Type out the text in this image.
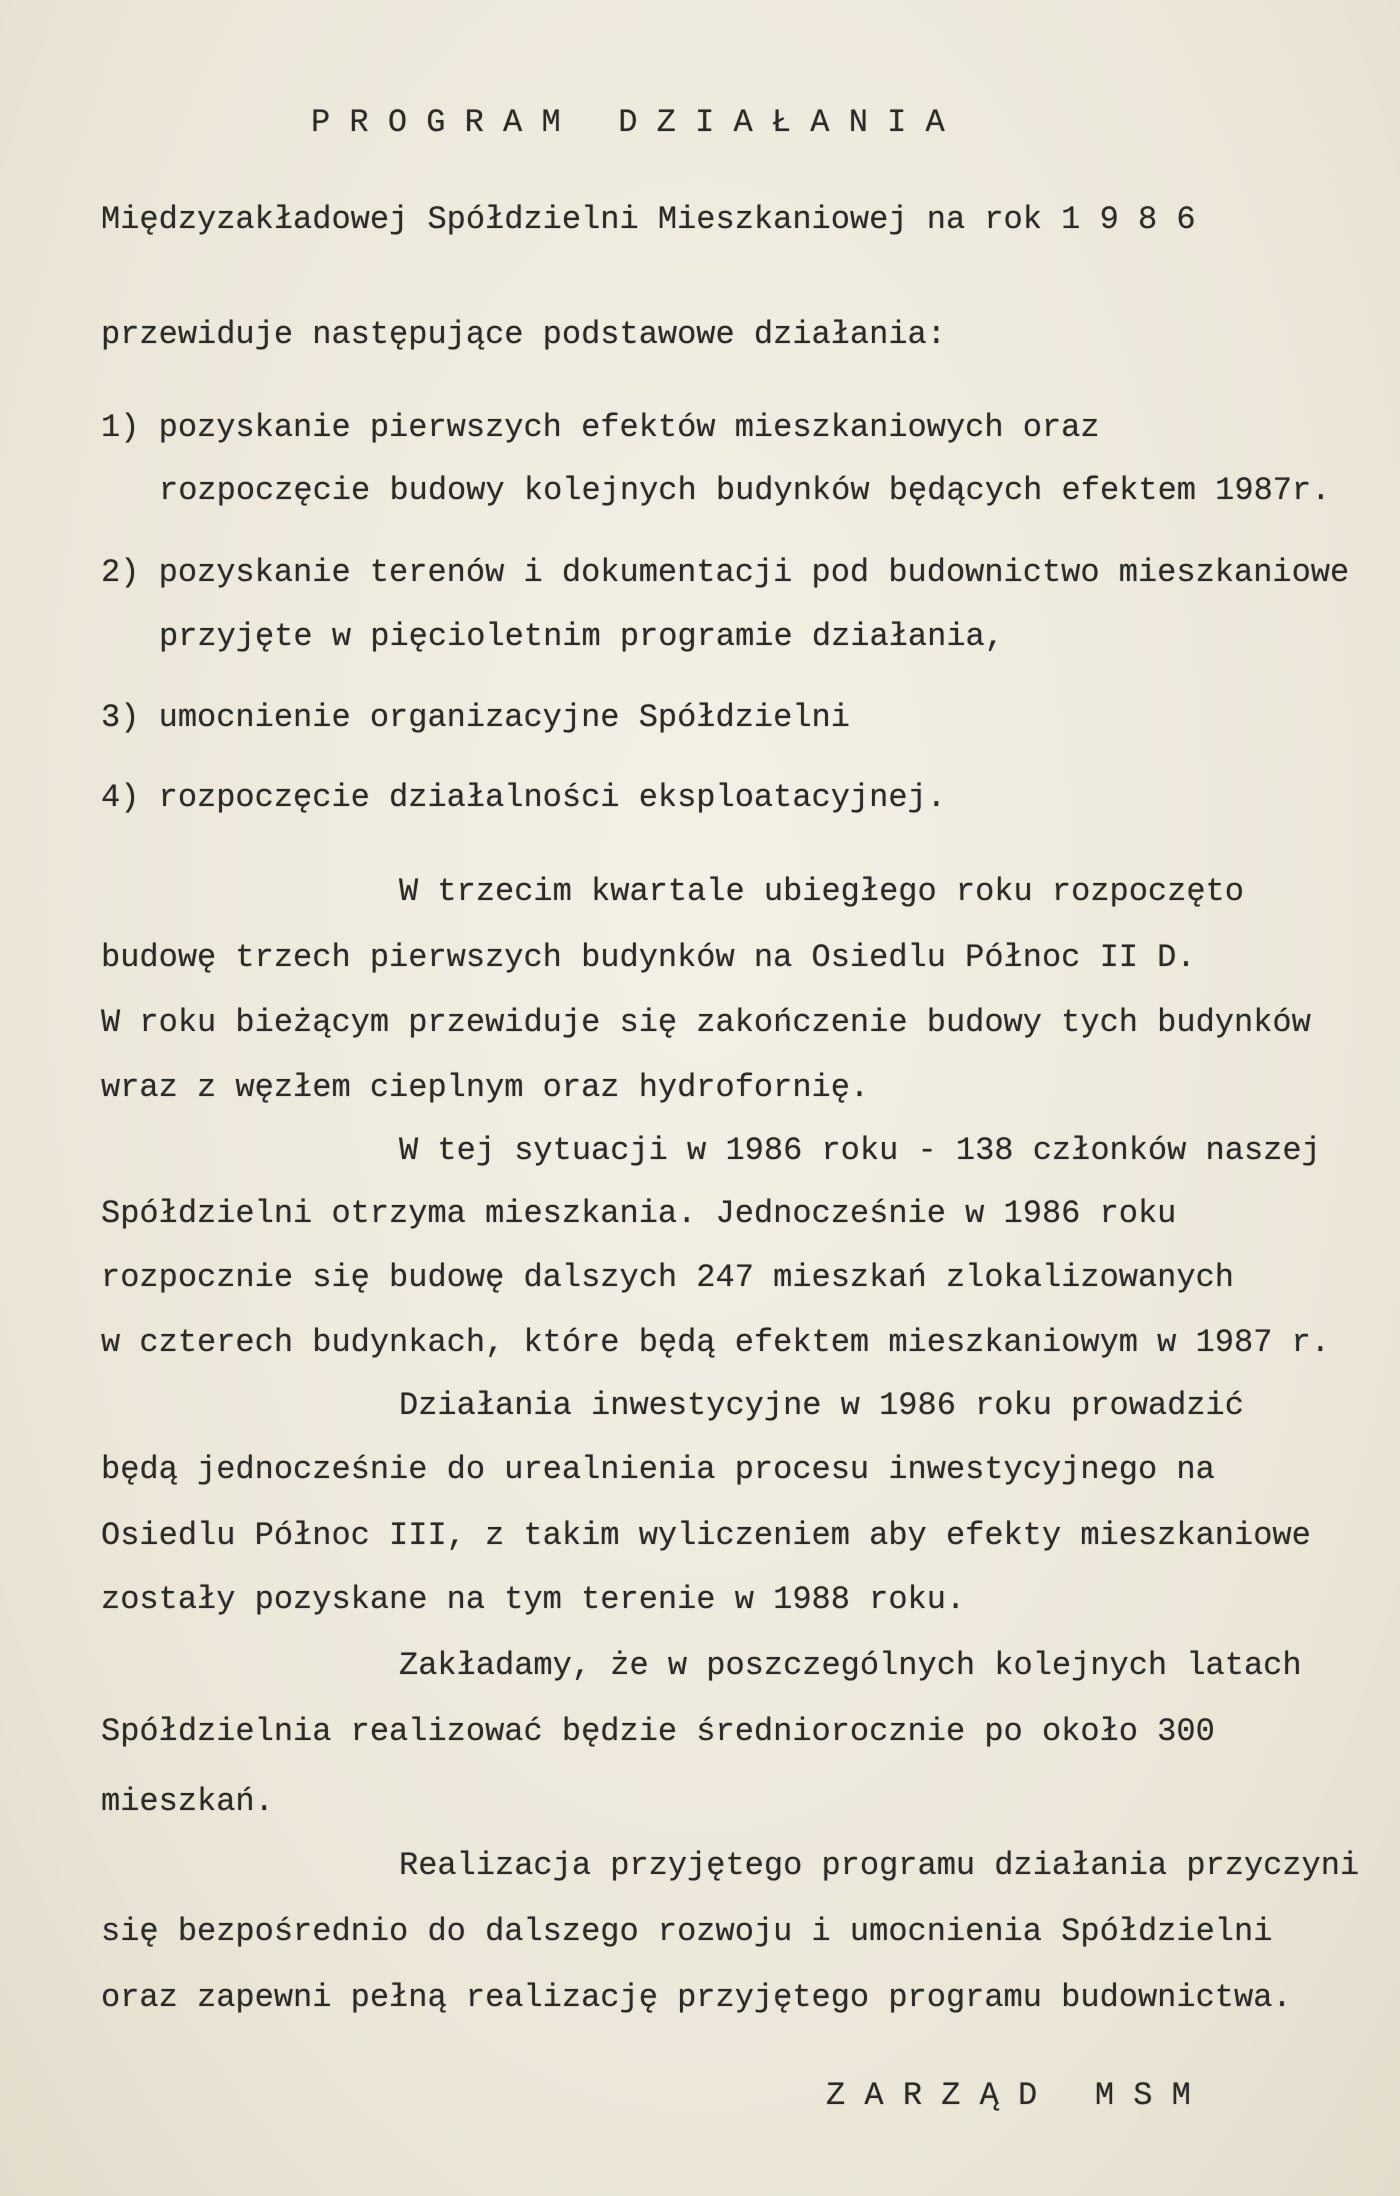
P R O G R A M   D Z I A Ł A N I A
Międzyzakładowej Spółdzielni Mieszkaniowej na rok 1 9 8 6
przewiduje następujące podstawowe działania:
1) pozyskanie pierwszych efektów mieszkaniowych oraz
rozpoczęcie budowy kolejnych budynków będących efektem 1987r.
2) pozyskanie terenów i dokumentacji pod budownictwo mieszkaniowe
przyjęte w pięcioletnim programie działania,
3) umocnienie organizacyjne Spółdzielni
4) rozpoczęcie działalności eksploatacyjnej.
W trzecim kwartale ubiegłego roku rozpoczęto
budowę trzech pierwszych budynków na Osiedlu Północ II D.
W roku bieżącym przewiduje się zakończenie budowy tych budynków
wraz z węzłem cieplnym oraz hydrofornię.
W tej sytuacji w 1986 roku - 138 członków naszej
Spółdzielni otrzyma mieszkania. Jednocześnie w 1986 roku
rozpocznie się budowę dalszych 247 mieszkań zlokalizowanych
w czterech budynkach, które będą efektem mieszkaniowym w 1987 r.
Działania inwestycyjne w 1986 roku prowadzić
będą jednocześnie do urealnienia procesu inwestycyjnego na
Osiedlu Północ III, z takim wyliczeniem aby efekty mieszkaniowe
zostały pozyskane na tym terenie w 1988 roku.
Zakładamy, że w poszczególnych kolejnych latach
Spółdzielnia realizować będzie średniorocznie po około 300
mieszkań.
Realizacja przyjętego programu działania przyczyni
się bezpośrednio do dalszego rozwoju i umocnienia Spółdzielni
oraz zapewni pełną realizację przyjętego programu budownictwa.
Z A R Z Ą D   M S M
